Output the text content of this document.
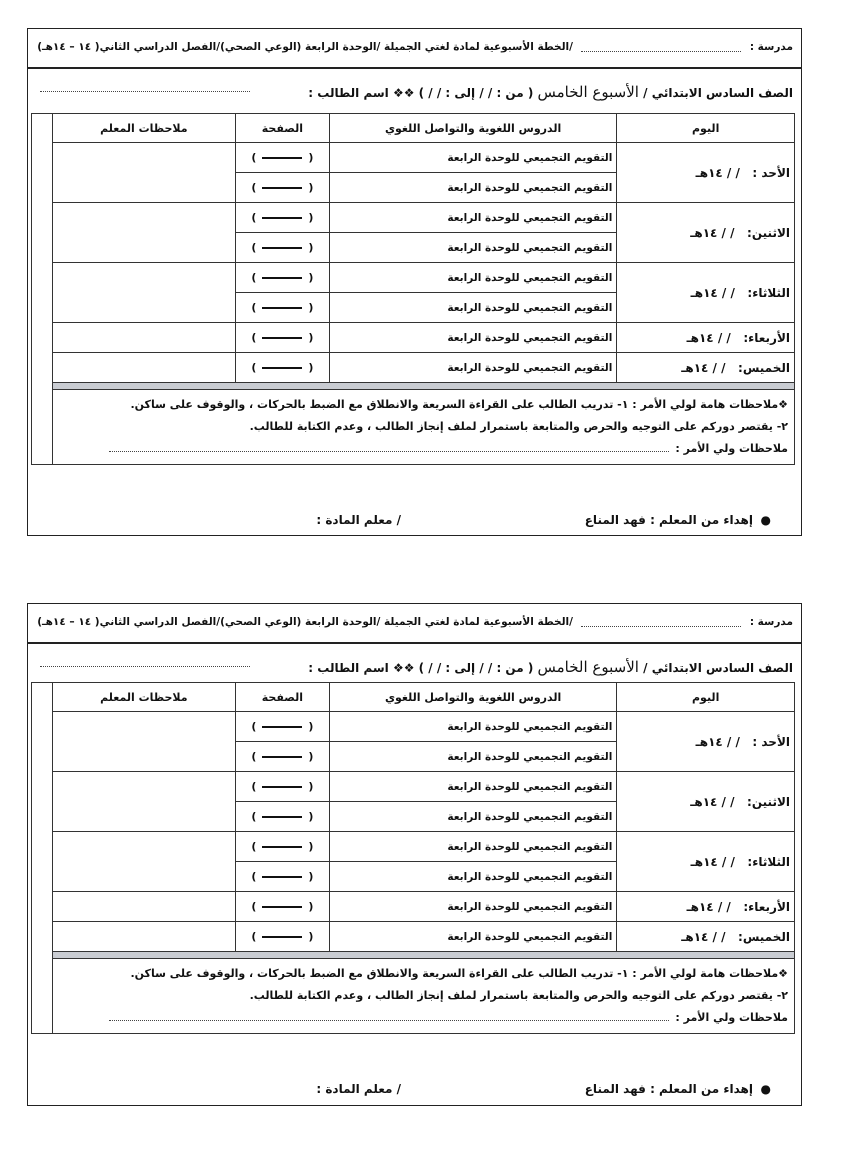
مدرسة :
/الخطة الأسبوعية لمادة لغتي الجميلة /الوحدة الرابعة (الوعي الصحي)/الفصل الدراسي الثاني( ١٤ – ١٤هـ)
الصف السادس الابتدائي / الأسبوع الخامس ( من : / / إلى : / / ) ❖❖ اسم الطالب :
اليوم	الدروس اللغوية والتواصل اللغوي	الصفحة	ملاحظات المعلم	
الأحد :   / / ١٤هـ	التقويم التجميعي للوحدة الرابعة	()		
	التقويم التجميعي للوحدة الرابعة	()		
الاثنين:   / / ١٤هـ	التقويم التجميعي للوحدة الرابعة	()		
	التقويم التجميعي للوحدة الرابعة	()		
الثلاثاء:   / / ١٤هـ	التقويم التجميعي للوحدة الرابعة	()		
	التقويم التجميعي للوحدة الرابعة	()		
الأربعاء:   / / ١٤هـ	التقويم التجميعي للوحدة الرابعة	()		
الخميس:   / / ١٤هـ	التقويم التجميعي للوحدة الرابعة	()		

❖ملاحظات هامة لولي الأمر : ١- تدريب الطالب على القراءة السريعة والانطلاق مع الضبط بالحركات ، والوقوف على ساكن.
٢- يقتصر دوركم على التوجيه والحرص والمتابعة باستمرار لملف إنجاز الطالب ، وعدم الكتابة للطالب.
ملاحظات ولي الأمر :				
●
إهداء من المعلم : فهد المناع
/ معلم المادة :
مدرسة :
/الخطة الأسبوعية لمادة لغتي الجميلة /الوحدة الرابعة (الوعي الصحي)/الفصل الدراسي الثاني( ١٤ – ١٤هـ)
الصف السادس الابتدائي / الأسبوع الخامس ( من : / / إلى : / / ) ❖❖ اسم الطالب :
اليوم	الدروس اللغوية والتواصل اللغوي	الصفحة	ملاحظات المعلم	
الأحد :   / / ١٤هـ	التقويم التجميعي للوحدة الرابعة	()		
	التقويم التجميعي للوحدة الرابعة	()		
الاثنين:   / / ١٤هـ	التقويم التجميعي للوحدة الرابعة	()		
	التقويم التجميعي للوحدة الرابعة	()		
الثلاثاء:   / / ١٤هـ	التقويم التجميعي للوحدة الرابعة	()		
	التقويم التجميعي للوحدة الرابعة	()		
الأربعاء:   / / ١٤هـ	التقويم التجميعي للوحدة الرابعة	()		
الخميس:   / / ١٤هـ	التقويم التجميعي للوحدة الرابعة	()		

❖ملاحظات هامة لولي الأمر : ١- تدريب الطالب على القراءة السريعة والانطلاق مع الضبط بالحركات ، والوقوف على ساكن.
٢- يقتصر دوركم على التوجيه والحرص والمتابعة باستمرار لملف إنجاز الطالب ، وعدم الكتابة للطالب.
ملاحظات ولي الأمر :				
●
إهداء من المعلم : فهد المناع
/ معلم المادة :
